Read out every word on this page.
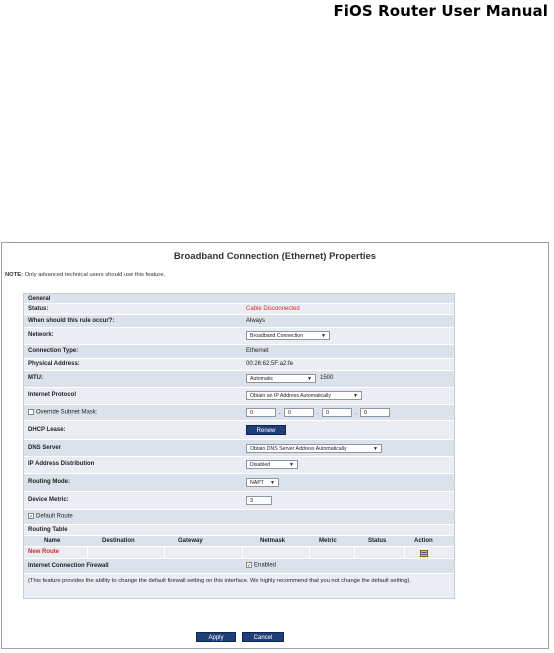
FiOS Router User Manual
Broadband Connection (Ethernet) Properties
NOTE: Only advanced technical users should use this feature.
General
Status:	Cable Disconnected
When should this rule occur?:	Always
Network:	Broadband Connection	▼
Connection Type:	Ethernet
Physical Address:	00:26:62:5F:a2:fe
MTU:	Automatic	▼ 1500
Internet Protocol	Obtain an IP Address Automatically	▼
Override Subnet Mask:	0	.	0	.	0	.	0
DHCP Lease:	Renew
DNS Server	Obtain DNS Server Address Automatically	▼
IP Address Distribution	Disabled	▼
Routing Mode:	NAPT ▼
Device Metric:	3
✓ Default Route
Routing Table
Name	Destination	Gateway	Netmask	Metric	Status	Action
New Route
Internet Connection Firewall	✓ Enabled
(This feature provides the ability to change the default firewall setting on this interface. We highly recommend that you not change the default setting).
Apply	Cancel
